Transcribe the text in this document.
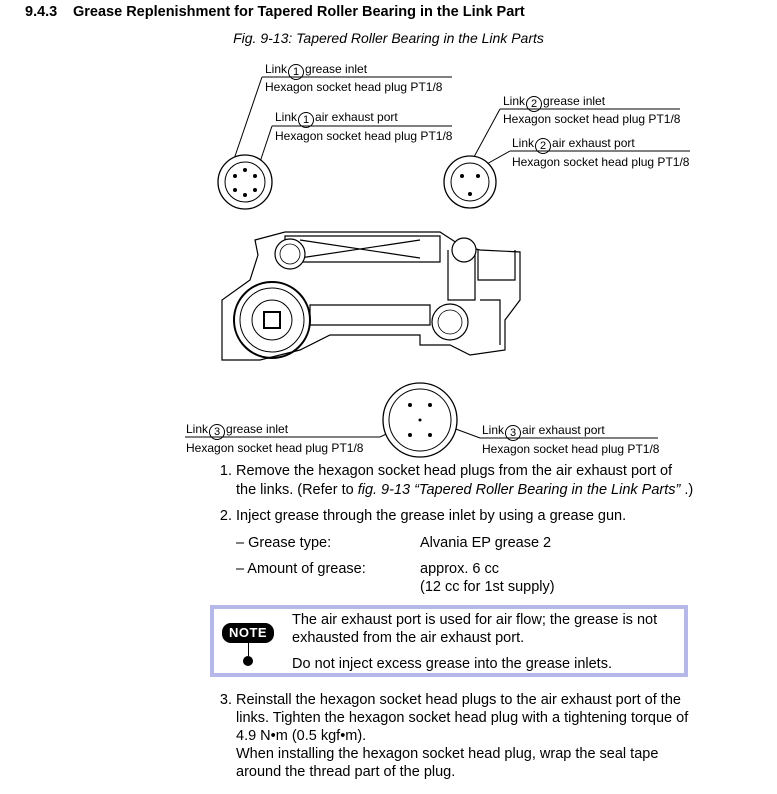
9.4.3 Grease Replenishment for Tapered Roller Bearing in the Link Part
Fig. 9-13: Tapered Roller Bearing in the Link Parts
Link 1 grease inlet
Hexagon socket head plug PT1/8
Link 1 air exhaust port
Hexagon socket head plug PT1/8
Link 2 grease inlet
Hexagon socket head plug PT1/8
Link 2 air exhaust port
Hexagon socket head plug PT1/8
Link 3 grease inlet
Hexagon socket head plug PT1/8
Link 3 air exhaust port
Hexagon socket head plug PT1/8
1. Remove the hexagon socket head plugs from the air exhaust port of
the links. (Refer to fig. 9-13 “Tapered Roller Bearing in the Link Parts” .)
2. Inject grease through the grease inlet by using a grease gun.
– Grease type:	Alvania EP grease 2
– Amount of grease:	approx. 6 cc
(12 cc for 1st supply)
NOTE
The air exhaust port is used for air flow; the grease is not
exhausted from the air exhaust port.
Do not inject excess grease into the grease inlets.
3. Reinstall the hexagon socket head plugs to the air exhaust port of the
links. Tighten the hexagon socket head plug with a tightening torque of
4.9 N•m (0.5 kgf•m).
When installing the hexagon socket head plug, wrap the seal tape
around the thread part of the plug.
